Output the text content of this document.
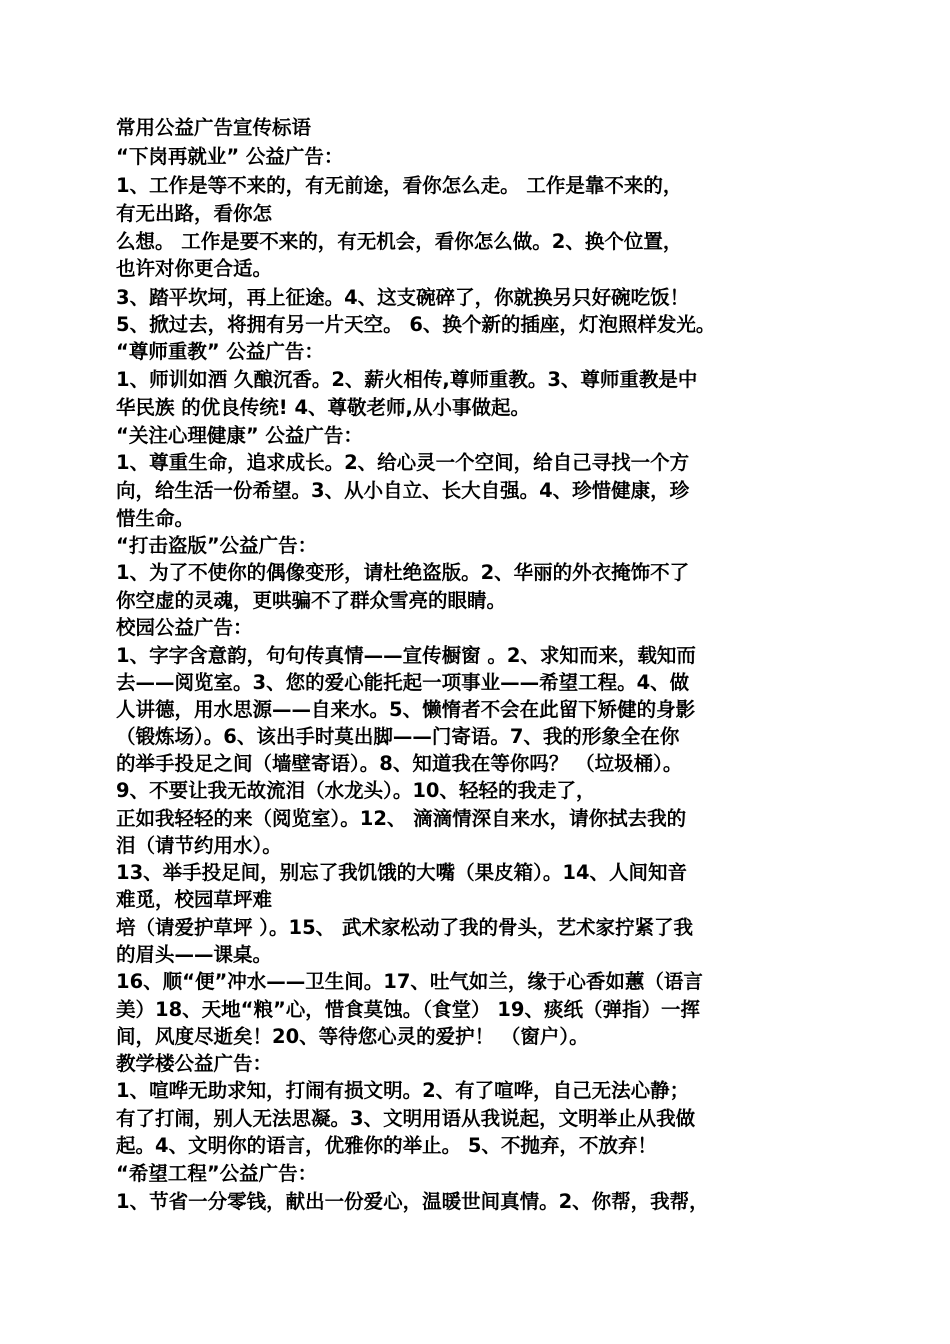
常用公益广告宣传标语
“下岗再就业” 公益广告：
1、工作是等不来的，有无前途，看你怎么走。 工作是靠不来的，
有无出路，看你怎
么想。 工作是要不来的，有无机会，看你怎么做。2、换个位置，
也许对你更合适。
3、踏平坎坷，再上征途。4、这支碗碎了，你就换另只好碗吃饭！
5、掀过去，将拥有另一片天空。 6、换个新的插座，灯泡照样发光。
“尊师重教” 公益广告：
1、师训如酒 久酿沉香。2、薪火相传,尊师重教。3、尊师重教是中
华民族 的优良传统! 4、尊敬老师,从小事做起。
“关注心理健康” 公益广告：
1、尊重生命，追求成长。2、给心灵一个空间，给自己寻找一个方
向，给生活一份希望。3、从小自立、长大自强。4、珍惜健康，珍
惜生命。
“打击盗版”公益广告：
1、为了不使你的偶像变形，请杜绝盗版。2、华丽的外衣掩饰不了
你空虚的灵魂，更哄骗不了群众雪亮的眼睛。
校园公益广告：
1、字字含意韵，句句传真情——宣传橱窗 。2、求知而来，载知而
去——阅览室。3、您的爱心能托起一项事业——希望工程。4、做
人讲德，用水思源——自来水。5、懒惰者不会在此留下矫健的身影
（锻炼场）。6、该出手时莫出脚——门寄语。7、我的形象全在你
的举手投足之间（墙壁寄语）。8、知道我在等你吗？ （垃圾桶）。
9、不要让我无故流泪（水龙头）。10、轻轻的我走了，
正如我轻轻的来（阅览室）。12、 滴滴情深自来水，请你拭去我的
泪（请节约用水）。
13、举手投足间，别忘了我饥饿的大嘴（果皮箱）。14、人间知音
难觅，校园草坪难
培（请爱护草坪 ）。15、 武术家松动了我的骨头，艺术家拧紧了我
的眉头——课桌。
16、顺“便”冲水——卫生间。17、吐气如兰，缘于心香如蕙（语言
美）18、天地“粮”心，惜食莫蚀。（食堂） 19、痰纸（弹指）一挥
间，风度尽逝矣！20、等待您心灵的爱护！ （窗户）。
教学楼公益广告：
1、喧哗无助求知，打闹有损文明。2、有了喧哗，自己无法心静；
有了打闹，别人无法思凝。3、文明用语从我说起，文明举止从我做
起。4、文明你的语言，优雅你的举止。 5、不抛弃，不放弃！
“希望工程”公益广告：
1、节省一分零钱，献出一份爱心，温暖世间真情。2、你帮，我帮，
